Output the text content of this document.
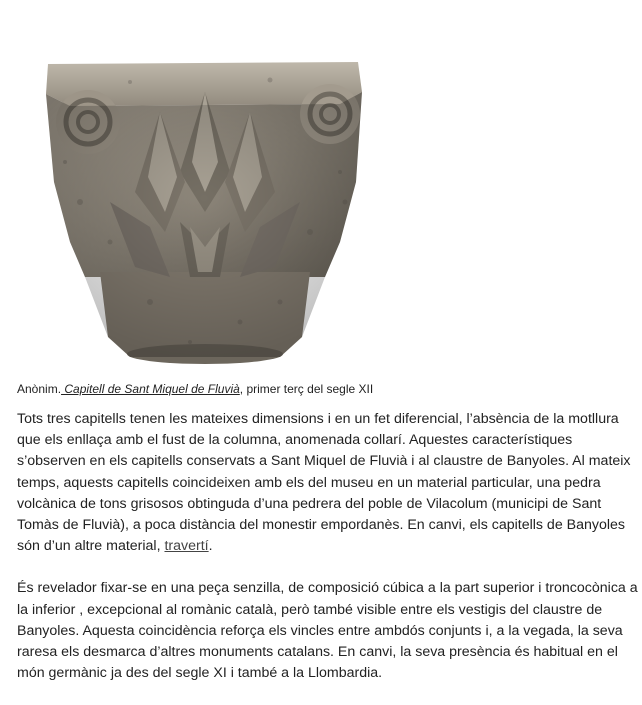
Anònim. Capitell de Sant Miquel de Fluvià, primer terç del segle XII

Tots tres capitells tenen les mateixes dimensions i en un fet diferencial, l’absència de la motllura que els enllaça amb el fust de la columna, anomenada collarí. Aquestes característiques s’observen en els capitells conservats a Sant Miquel de Fluvià i al claustre de Banyoles. Al mateix temps, aquests capitells coincideixen amb els del museu en un material particular, una pedra volcànica de tons grisosos obtinguda d’una pedrera del poble de Vilacolum (municipi de Sant Tomàs de Fluvià), a poca distància del monestir empordanès. En canvi, els capitells de Banyoles són d’un altre material, travertí.

És revelador fixar-se en una peça senzilla, de composició cúbica a la part superior i troncocònica a la inferior , excepcional al romànic català, però també visible entre els vestigis del claustre de Banyoles. Aquesta coincidència reforça els vincles entre ambdós conjunts i, a la vegada, la seva raresa els desmarca d’altres monuments catalans. En canvi, la seva presència és habitual en el món germànic ja des del segle XI i també a la Llombardia.
